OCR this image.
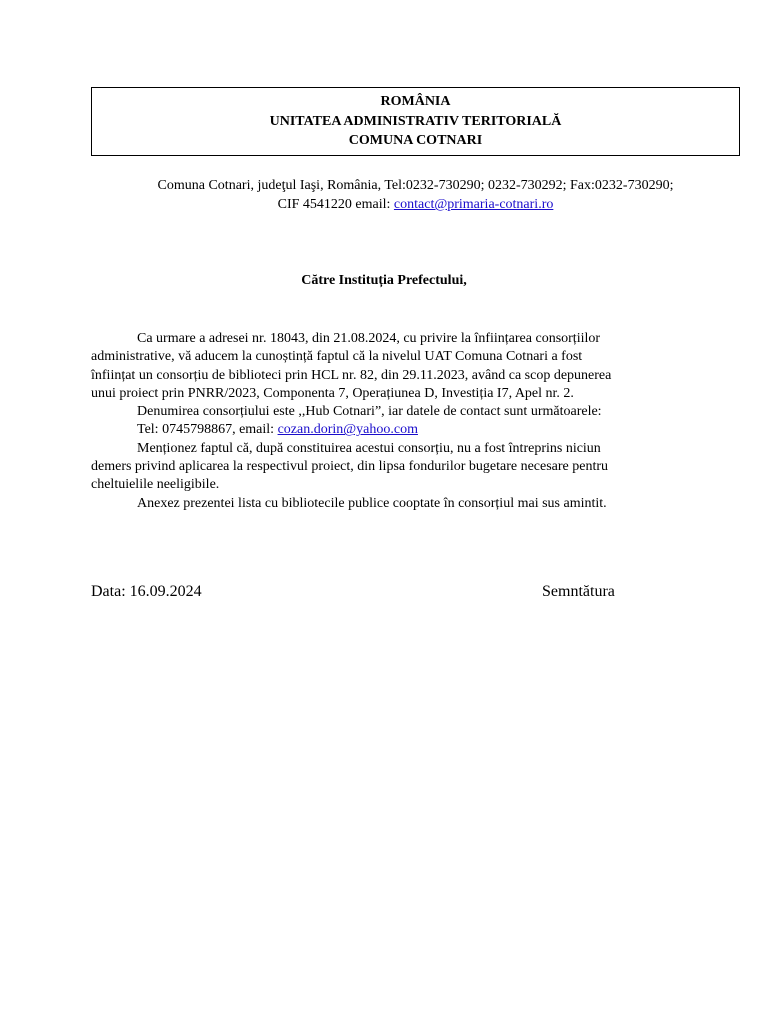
ROMÂNIA
UNITATEA ADMINISTRATIV TERITORIALĂ
COMUNA COTNARI
Comuna Cotnari, judeţul Iaşi, România, Tel:0232-730290; 0232-730292; Fax:0232-730290;
CIF 4541220 email: contact@primaria-cotnari.ro
Către Instituția Prefectului,
Ca urmare a adresei nr. 18043, din 21.08.2024, cu privire la înființarea consorțiilor
administrative, vă aducem la cunoștință faptul că la nivelul UAT Comuna Cotnari a fost
înființat un consorțiu de biblioteci prin HCL nr. 82, din 29.11.2023, având ca scop depunerea
unui proiect prin PNRR/2023, Componenta 7, Operațiunea D, Investiția I7, Apel nr. 2.
Denumirea consorțiului este ,,Hub Cotnari”, iar datele de contact sunt următoarele:
Tel: 0745798867, email: cozan.dorin@yahoo.com
Menționez faptul că, după constituirea acestui consorțiu, nu a fost întreprins niciun
demers privind aplicarea la respectivul proiect, din lipsa fondurilor bugetare necesare pentru
cheltuielile neeligibile.
Anexez prezentei lista cu bibliotecile publice cooptate în consorțiul mai sus amintit.
Data: 16.09.2024	Semntătura
